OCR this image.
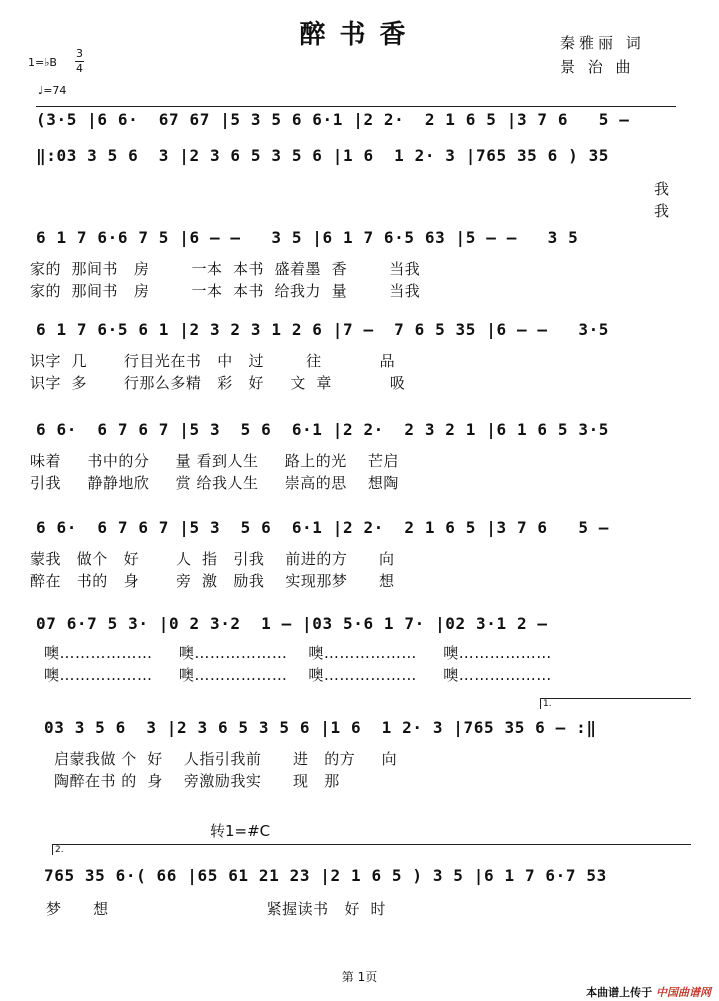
醉书香	秦雅丽 词
景 治 曲
1=♭B
3
4
♩=74
(3·5 |6 6·  67 67 |5 3 5 6 6·1 |2 2·  2 1 6 5 |3 7 6   5 –
‖:03 3 5 6  3 |2 3 6 5 3 5 6 |1 6  1 2· 3 |765 35 6 ) 35
我
我
6 1 7 6·6 7 5 |6 – –   3 5 |6 1 7 6·5 63 |5 – –   3 5
家的  那间书   房        一本  本书  盛着墨  香        当我
家的  那间书   房        一本  本书  给我力  量        当我
6 1 7 6·5 6 1 |2 3 2 3 1 2 6 |7 –  7 6 5 35 |6 – –   3·5
识字  几       行目光在书   中   过        往           品
识字  多       行那么多精   彩   好     文  章           吸
6 6·  6 7 6 7 |5 3  5 6  6·1 |2 2·  2 3 2 1 |6 1 6 5 3·5
味着     书中的分     量 看到人生     路上的光    芒启
引我     静静地欣     赏 给我人生     崇高的思    想陶
6 6·  6 7 6 7 |5 3  5 6  6·1 |2 2·  2 1 6 5 |3 7 6   5 –
蒙我   做个   好       人  指   引我    前进的方      向
醉在   书的   身       旁  激   励我    实现那梦      想
07 6·7 5 3· |0 2 3·2  1 – |03 5·6 1 7· |02 3·1 2 –
噢………………     噢………………    噢………………     噢………………
噢………………     噢………………    噢………………     噢………………
1.
03 3 5 6  3 |2 3 6 5 3 5 6 |1 6  1 2· 3 |765 35 6 – :‖
启蒙我做 个  好    人指引我前      进   的方     向
陶醉在书 的  身    旁激励我实      现   那
转1=#C
2.
765 35 6·( 66 |65 61 21 23 |2 1 6 5 ) 3 5 |6 1 7 6·7 53
梦      想                              紧握读书   好  时
第 1页
本曲谱上传于 中国曲谱网
